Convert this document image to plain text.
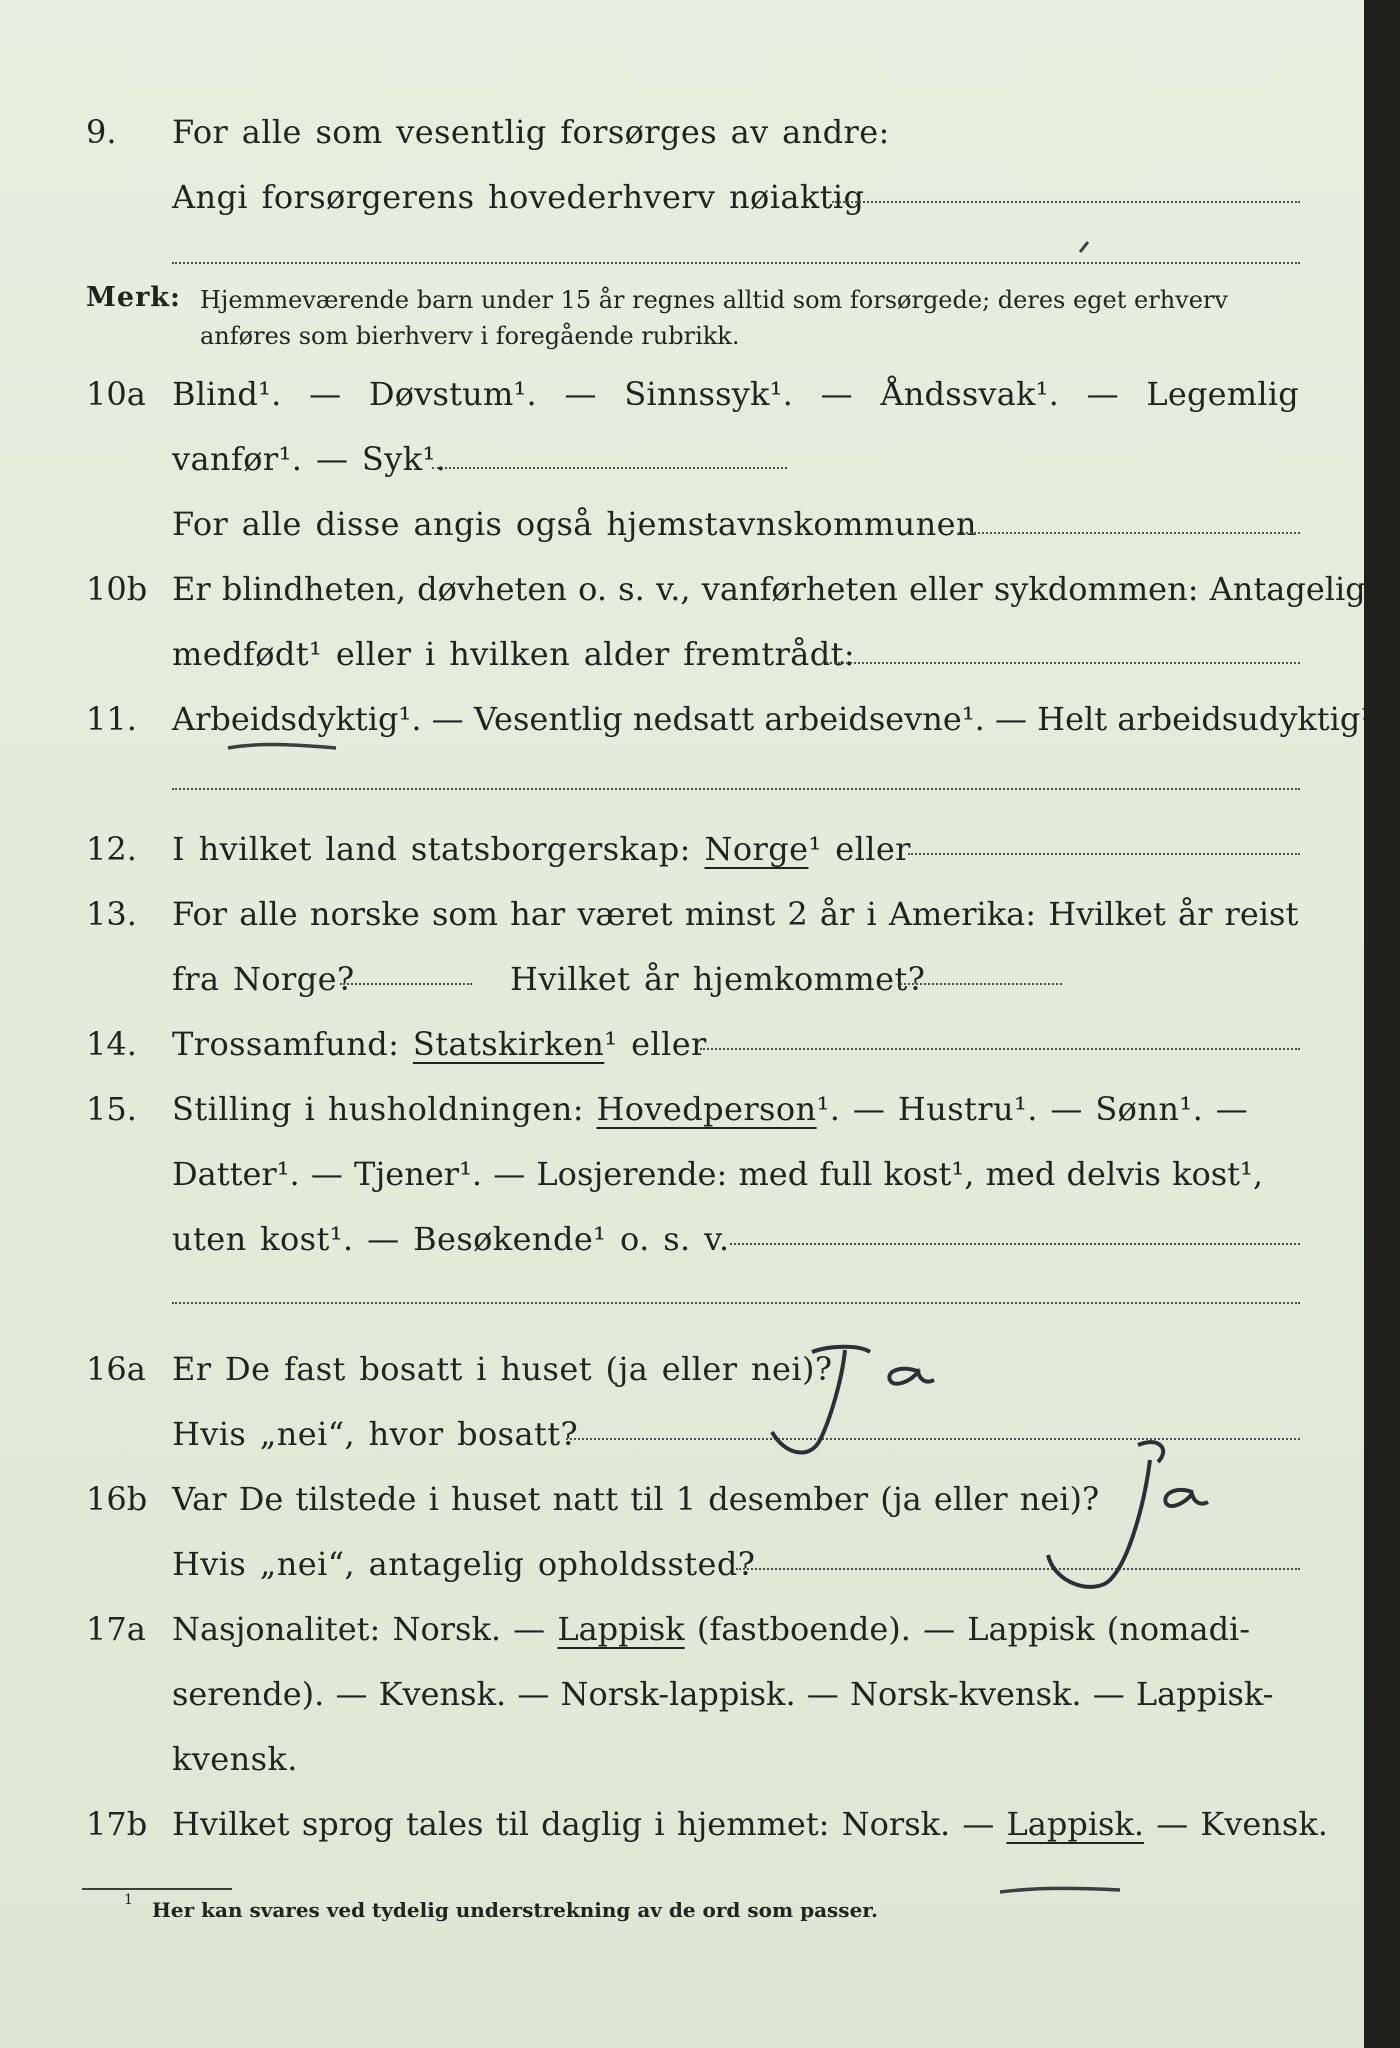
9. For alle som vesentlig forsørges av andre:
Angi forsørgerens hovederhverv nøiaktig
Merk: Hjemmeværende barn under 15 år regnes alltid som forsørgede; deres eget erhverv anføres som bierhverv i foregående rubrikk.
10a Blind¹. — Døvstum¹. — Sinnssyk¹. — Åndssvak¹. — Legemlig
vanfør¹. — Syk¹.
For alle disse angis også hjemstavnskommunen
10b Er blindheten, døvheten o. s. v., vanførheten eller sykdommen: Antagelig
medfødt¹ eller i hvilken alder fremtrådt:
11. Arbeidsdyktig¹. — Vesentlig nedsatt arbeidsevne¹. — Helt arbeidsudyktig¹.
12. I hvilket land statsborgerskap: Norge¹ eller
13. For alle norske som har været minst 2 år i Amerika: Hvilket år reist
fra Norge?	Hvilket år hjemkommet?
14. Trossamfund: Statskirken¹ eller
15. Stilling i husholdningen: Hovedperson¹. — Hustru¹. — Sønn¹. —
Datter¹. — Tjener¹. — Losjerende: med full kost¹, med delvis kost¹,
uten kost¹. — Besøkende¹ o. s. v.
16a Er De fast bosatt i huset (ja eller nei)?
Hvis „nei“, hvor bosatt?
16b Var De tilstede i huset natt til 1 desember (ja eller nei)?
Hvis „nei“, antagelig opholdssted?
17a Nasjonalitet: Norsk. — Lappisk (fastboende). — Lappisk (nomadi-
serende). — Kvensk. — Norsk-lappisk. — Norsk-kvensk. — Lappisk-
kvensk.
17b Hvilket sprog tales til daglig i hjemmet: Norsk. — Lappisk. — Kvensk.
1 Her kan svares ved tydelig understrekning av de ord som passer.
Ja
Ja
